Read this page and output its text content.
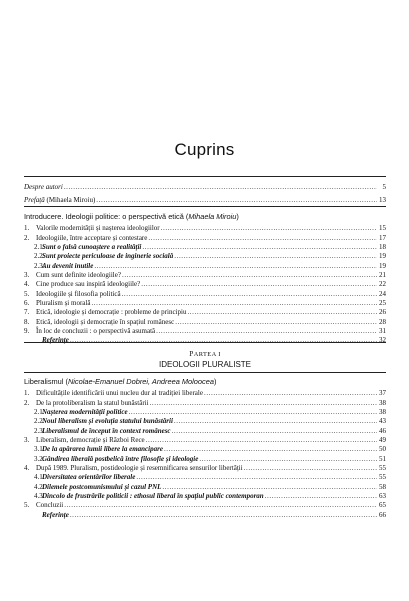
Cuprins
Despre autori .....	5
Prefață (Mihaela Miroiu) .....	13
Introducere. Ideologii politice: o perspectivă etică (Mihaela Miroiu)
1. Valorile modernității și nașterea ideologiilor .....	15
2. Ideologiile, între acceptare și contestare .....	17
2.1.
Sunt o falsă cunoaștere a realității .....	18
2.2.
Sunt proiecte periculoase de inginerie socială .....	19
2.3.
Au devenit inutile .....	19
3. Cum sunt definite ideologiile? .....	21
4. Cine produce sau inspiră ideologiile? .....	22
5. Ideologiile și filosofia politică .....	24
6. Pluralism și morală .....	25
7. Etică, ideologie și democrație : probleme de principiu .....	26
8. Etică, ideologii și democrație în spațiul românesc .....	28
9. În loc de concluzii : o perspectivă asumată .....	31
Referințe .....	32
PARTEA I
IDEOLOGII PLURALISTE
Liberalismul (Nicolae-Emanuel Dobrei, Andreea Moloocea)
1. Dificultățile identificării unui nucleu dur al tradiției liberale .....	37
2. De la protoliberalism la statul bunăstării .....	38
2.1.
Nașterea modernității politice .....	38
2.2.
Noul liberalism și evoluția statului bunăstării .....	43
2.3.
Liberalismul de început în context românesc .....	46
3. Liberalism, democrație și Război Rece .....	49
3.1.
De la apărarea lumii libere la emancipare .....	50
3.2.
Gândirea liberală postbelică între filosofie și ideologie .....	51
4. După 1989. Pluralism, postideologie și resemnificarea sensurilor libertății .....	55
4.1.
Diversitatea orientărilor liberale .....	55
4.2.
Dilemele postcomunismului și cazul PNL .....	58
4.3.
Dincolo de frustrările politicii : ethosul liberal în spațiul public contemporan .....	63
5. Concluzii .....	65
Referințe .....	66
